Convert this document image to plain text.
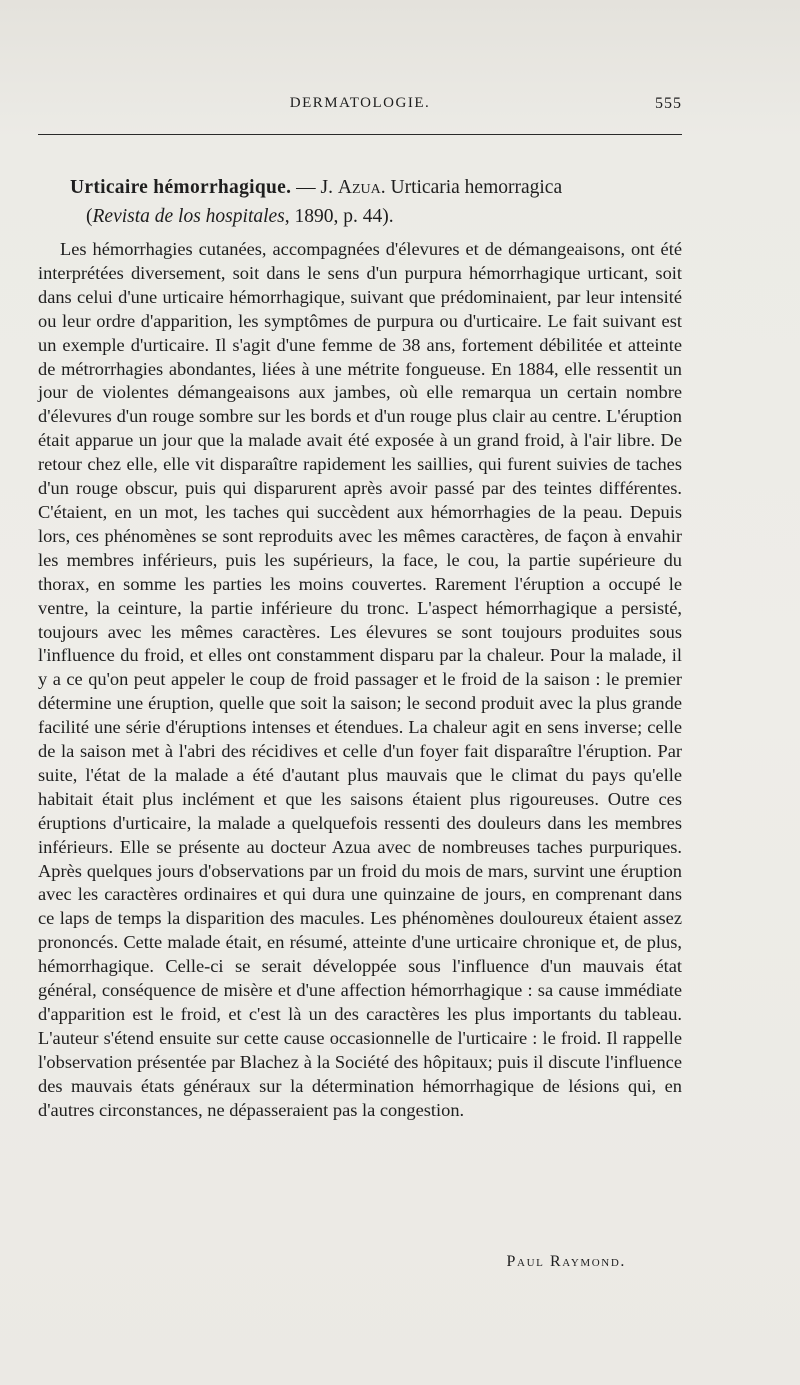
DERMATOLOGIE.	555
Urticaire hémorrhagique. — J. Azua. Urticaria hemorragica
(Revista de los hospitales, 1890, p. 44).

Les hémorrhagies cutanées, accompagnées d'élevures et de démangeaisons, ont été interprétées diversement, soit dans le sens d'un purpura hémorrhagique urticant, soit dans celui d'une urticaire hémorrhagique, suivant que prédominaient, par leur intensité ou leur ordre d'apparition, les symptômes de purpura ou d'urticaire. Le fait suivant est un exemple d'urticaire. Il s'agit d'une femme de 38 ans, fortement débilitée et atteinte de métrorrhagies abondantes, liées à une métrite fongueuse. En 1884, elle ressentit un jour de violentes démangeaisons aux jambes, où elle remarqua un certain nombre d'élevures d'un rouge sombre sur les bords et d'un rouge plus clair au centre. L'éruption était apparue un jour que la malade avait été exposée à un grand froid, à l'air libre. De retour chez elle, elle vit disparaître rapidement les saillies, qui furent suivies de taches d'un rouge obscur, puis qui disparurent après avoir passé par des teintes différentes. C'étaient, en un mot, les taches qui succèdent aux hémorrhagies de la peau. Depuis lors, ces phénomènes se sont reproduits avec les mêmes caractères, de façon à envahir les membres inférieurs, puis les supérieurs, la face, le cou, la partie supérieure du thorax, en somme les parties les moins couvertes. Rarement l'éruption a occupé le ventre, la ceinture, la partie inférieure du tronc. L'aspect hémorrhagique a persisté, toujours avec les mêmes caractères. Les élevures se sont toujours produites sous l'influence du froid, et elles ont constamment disparu par la chaleur. Pour la malade, il y a ce qu'on peut appeler le coup de froid passager et le froid de la saison : le premier détermine une éruption, quelle que soit la saison; le second produit avec la plus grande facilité une série d'éruptions intenses et étendues. La chaleur agit en sens inverse; celle de la saison met à l'abri des récidives et celle d'un foyer fait disparaître l'éruption. Par suite, l'état de la malade a été d'autant plus mauvais que le climat du pays qu'elle habitait était plus inclément et que les saisons étaient plus rigoureuses. Outre ces éruptions d'urticaire, la malade a quelquefois ressenti des douleurs dans les membres inférieurs. Elle se présente au docteur Azua avec de nombreuses taches purpuriques. Après quelques jours d'observations par un froid du mois de mars, survint une éruption avec les caractères ordinaires et qui dura une quinzaine de jours, en comprenant dans ce laps de temps la disparition des macules. Les phénomènes douloureux étaient assez prononcés. Cette malade était, en résumé, atteinte d'une urticaire chronique et, de plus, hémorrhagique. Celle-ci se serait développée sous l'influence d'un mauvais état général, conséquence de misère et d'une affection hémorrhagique : sa cause immédiate d'apparition est le froid, et c'est là un des caractères les plus importants du tableau. L'auteur s'étend ensuite sur cette cause occasionnelle de l'urticaire : le froid. Il rappelle l'observation présentée par Blachez à la Société des hôpitaux; puis il discute l'influence des mauvais états généraux sur la détermination hémorrhagique de lésions qui, en d'autres circonstances, ne dépasseraient pas la congestion.

Paul Raymond.
